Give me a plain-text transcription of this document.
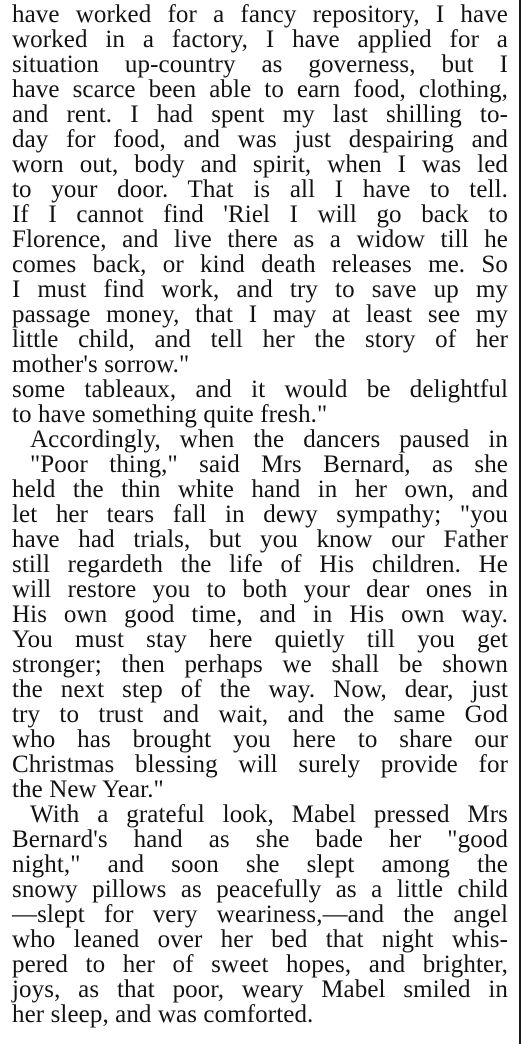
have worked for a fancy repository, I have
worked in a factory, I have applied for a
situation up-country as governess, but I
have scarce been able to earn food, clothing,
and rent. I had spent my last shilling to-
day for food, and was just despairing and
worn out, body and spirit, when I was led
to your door. That is all I have to tell.
If I cannot find 'Riel I will go back to
Florence, and live there as a widow till he
comes back, or kind death releases me. So
I must find work, and try to save up my
passage money, that I may at least see my
little child, and tell her the story of her
mother's sorrow."
some tableaux, and it would be delightful
to have something quite fresh."
Accordingly, when the dancers paused in
"Poor thing," said Mrs Bernard, as she
held the thin white hand in her own, and
let her tears fall in dewy sympathy; "you
have had trials, but you know our Father
still regardeth the life of His children. He
will restore you to both your dear ones in
His own good time, and in His own way.
You must stay here quietly till you get
stronger; then perhaps we shall be shown
the next step of the way. Now, dear, just
try to trust and wait, and the same God
who has brought you here to share our
Christmas blessing will surely provide for
the New Year."
With a grateful look, Mabel pressed Mrs
Bernard's hand as she bade her "good
night," and soon she slept among the
snowy pillows as peacefully as a little child
—slept for very weariness,—and the angel
who leaned over her bed that night whis-
pered to her of sweet hopes, and brighter,
joys, as that poor, weary Mabel smiled in
her sleep, and was comforted.
